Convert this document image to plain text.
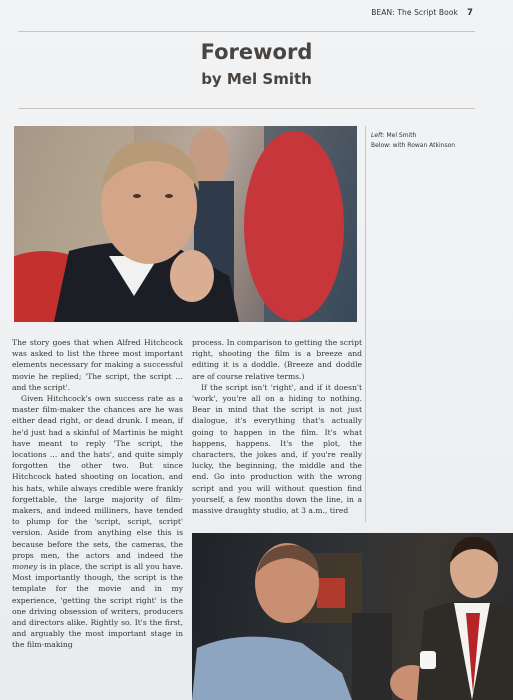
BEAN: The Script Book 7
Foreword
by Mel Smith
Left: Mel Smith
Below: with Rowan Atkinson

The story goes that when Alfred Hitchcock was asked to list the three most important elements necessary for making a successful movie he replied; 'The script, the script … and the script'.

Given Hitchcock's own success rate as a master film-maker the chances are he was either dead right, or dead drunk. I mean, if he'd just had a skinful of Martinis he might have meant to reply 'The script, the locations … and the hats', and quite simply forgotten the other two. But since Hitchcock hated shooting on location, and his hats, while always credible were frankly forgettable, the large majority of film-makers, and indeed milliners, have tended to plump for the 'script, script, script' version. Aside from anything else this is because before the sets, the cameras, the props men, the actors and indeed the money is in place, the script is all you have. Most importantly though, the script is the template for the movie and in my experience, 'getting the script right' is the one driving obsession of writers, producers and directors alike. Rightly so. It's the first, and arguably the most important stage in the film-making

process. In comparison to getting the script right, shooting the film is a breeze and editing it is a doddle. (Breeze and doddle are of course relative terms.)

If the script isn't 'right', and if it doesn't 'work', you're all on a hiding to nothing. Bear in mind that the script is not just dialogue, it's everything that's actually going to happen in the film. It's what happens, happens. It's the plot, the characters, the jokes and, if you're really lucky, the beginning, the middle and the end. Go into production with the wrong script and you will without question find yourself, a few months down the line, in a massive draughty studio, at 3 a.m., tired
